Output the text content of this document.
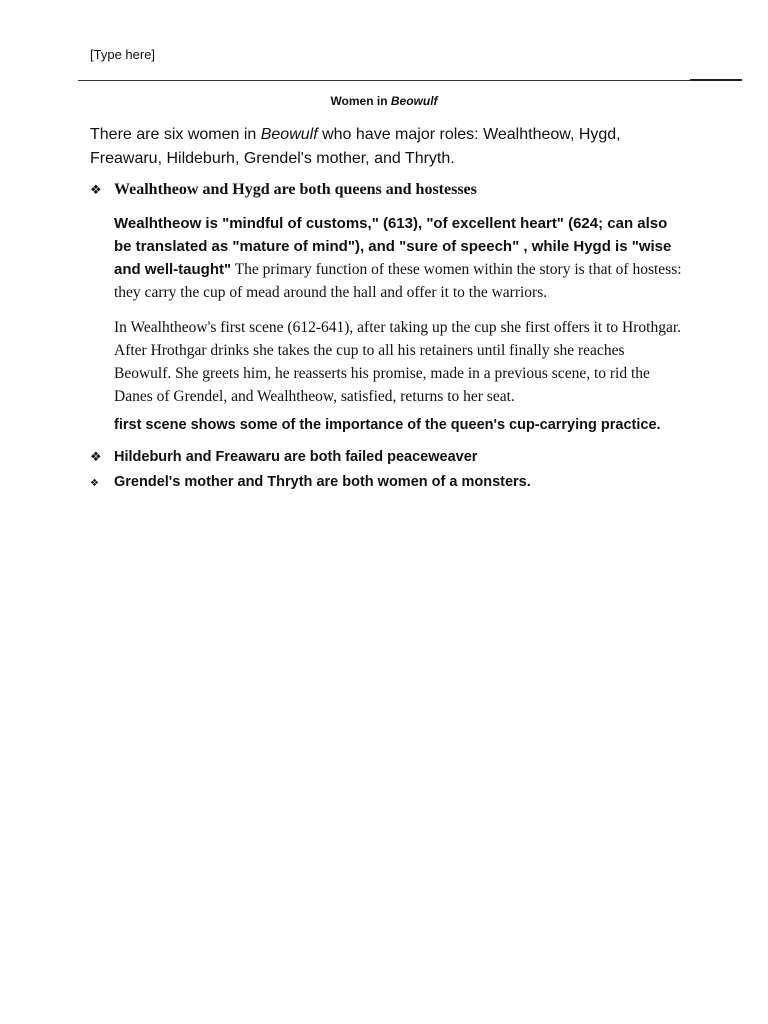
[Type here]
Women in Beowulf
There are six women in Beowulf who have major roles: Wealhtheow, Hygd, Freawaru, Hildeburh, Grendel's mother, and Thryth.
❖ Wealhtheow and Hygd are both queens and hostesses
Wealhtheow is "mindful of customs," (613), "of excellent heart" (624; can also be translated as "mature of mind"), and "sure of speech" , while Hygd is "wise and well-taught" The primary function of these women within the story is that of hostess: they carry the cup of mead around the hall and offer it to the warriors.
In Wealhtheow's first scene (612-641), after taking up the cup she first offers it to Hrothgar. After Hrothgar drinks she takes the cup to all his retainers until finally she reaches Beowulf. She greets him, he reasserts his promise, made in a previous scene, to rid the Danes of Grendel, and Wealhtheow, satisfied, returns to her seat.
first scene shows some of the importance of the queen's cup-carrying practice.
❖ Hildeburh and Freawaru are both failed peaceweaver
❖	Grendel's mother and Thryth are both women of a monsters.
